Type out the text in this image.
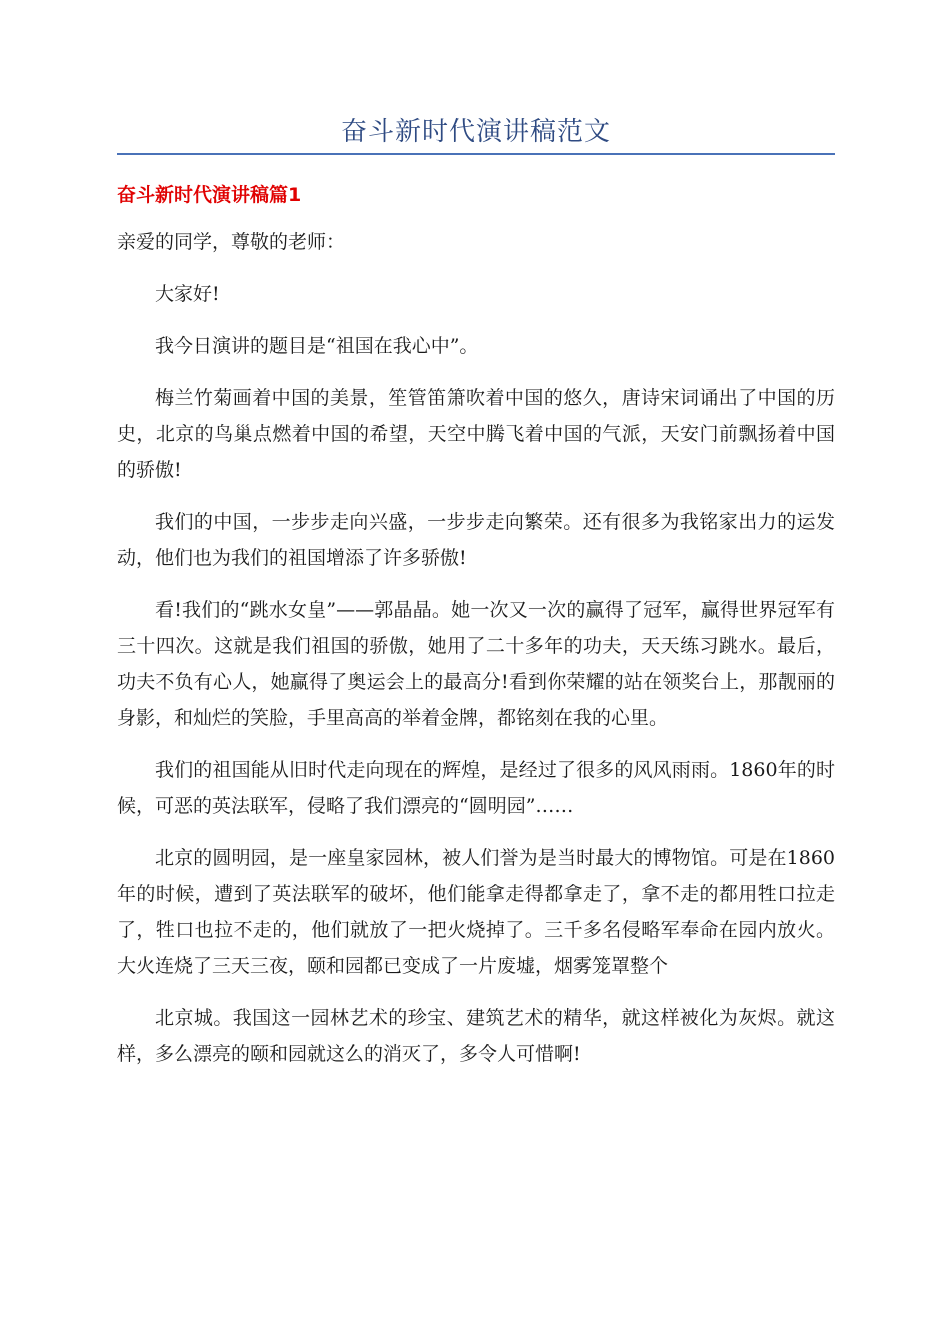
奋斗新时代演讲稿范文
奋斗新时代演讲稿篇1

亲爱的同学，尊敬的老师：

大家好!

我今日演讲的题目是“祖国在我心中”。

梅兰竹菊画着中国的美景，笙管笛箫吹着中国的悠久，唐诗宋词诵出了中国的历史，北京的鸟巢点燃着中国的希望，天空中腾飞着中国的气派，天安门前飘扬着中国的骄傲!

我们的中国，一步步走向兴盛，一步步走向繁荣。还有很多为我铭家出力的运发动，他们也为我们的祖国增添了许多骄傲!

看!我们的“跳水女皇”——郭晶晶。她一次又一次的赢得了冠军，赢得世界冠军有三十四次。这就是我们祖国的骄傲，她用了二十多年的功夫，天天练习跳水。最后，功夫不负有心人，她赢得了奥运会上的最高分!看到你荣耀的站在领奖台上，那靓丽的身影，和灿烂的笑脸，手里高高的举着金牌，都铭刻在我的心里。

我们的祖国能从旧时代走向现在的辉煌，是经过了很多的风风雨雨。1860年的时候，可恶的英法联军，侵略了我们漂亮的“圆明园”……

北京的圆明园，是一座皇家园林，被人们誉为是当时最大的博物馆。可是在1860年的时候，遭到了英法联军的破坏，他们能拿走得都拿走了，拿不走的都用牲口拉走了，牲口也拉不走的，他们就放了一把火烧掉了。三千多名侵略军奉命在园内放火。大火连烧了三天三夜，颐和园都已变成了一片废墟，烟雾笼罩整个

北京城。我国这一园林艺术的珍宝、建筑艺术的精华，就这样被化为灰烬。就这样，多么漂亮的颐和园就这么的消灭了，多令人可惜啊!
